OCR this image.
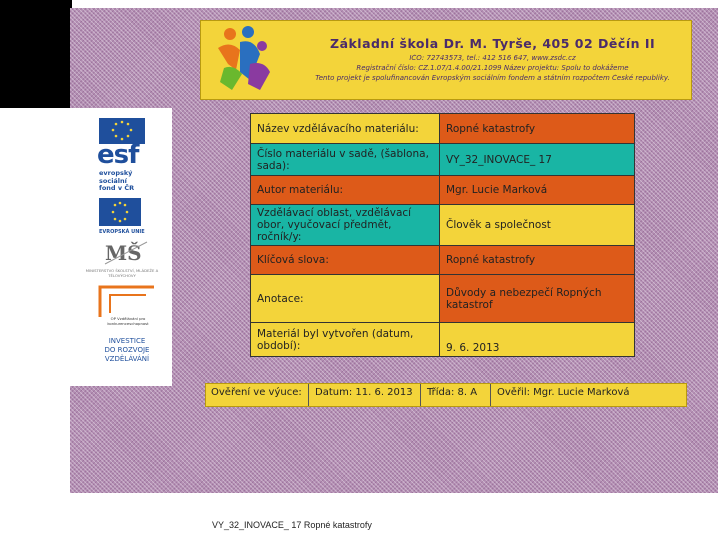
Základní škola Dr. M. Tyrše, 405 02 Děčín II
IČO: 72743573, tel.: 412 516 647, www.zsdc.cz
Registrační číslo: CZ.1.07/1.4.00/21.1099 Název projektu: Spolu to dokážeme
Tento projekt je spolufinancován Evropským sociálním fondem a státním rozpočtem České republiky.
esf
evropský
sociální
fond v ČR
EVROPSKÁ UNIE
MŠ
MINISTERSTVO ŠKOLSTVÍ, MLÁDEŽE A TĚLOVÝCHOVY
OP Vzdělávání pro konkurenceschopnost
INVESTICE
DO ROZVOJE
VZDĚLÁVÁNÍ
Název vzdělávacího materiálu:	Ropné katastrofy
Číslo materiálu v sadě, (šablona, sada):	VY_32_INOVACE_ 17
Autor materiálu:	Mgr. Lucie Marková
Vzdělávací oblast, vzdělávací obor, vyučovací předmět, ročník/y:	Člověk a společnost
Klíčová slova:	Ropné katastrofy
Anotace:	Důvody a nebezpečí Ropných katastrof
Materiál byl vytvořen (datum, období):	9. 6. 2013
Ověření ve výuce: Datum: 11. 6. 2013 Třída: 8. A Ověřil: Mgr. Lucie Marková
VY_32_INOVACE_ 17 Ropné katastrofy
